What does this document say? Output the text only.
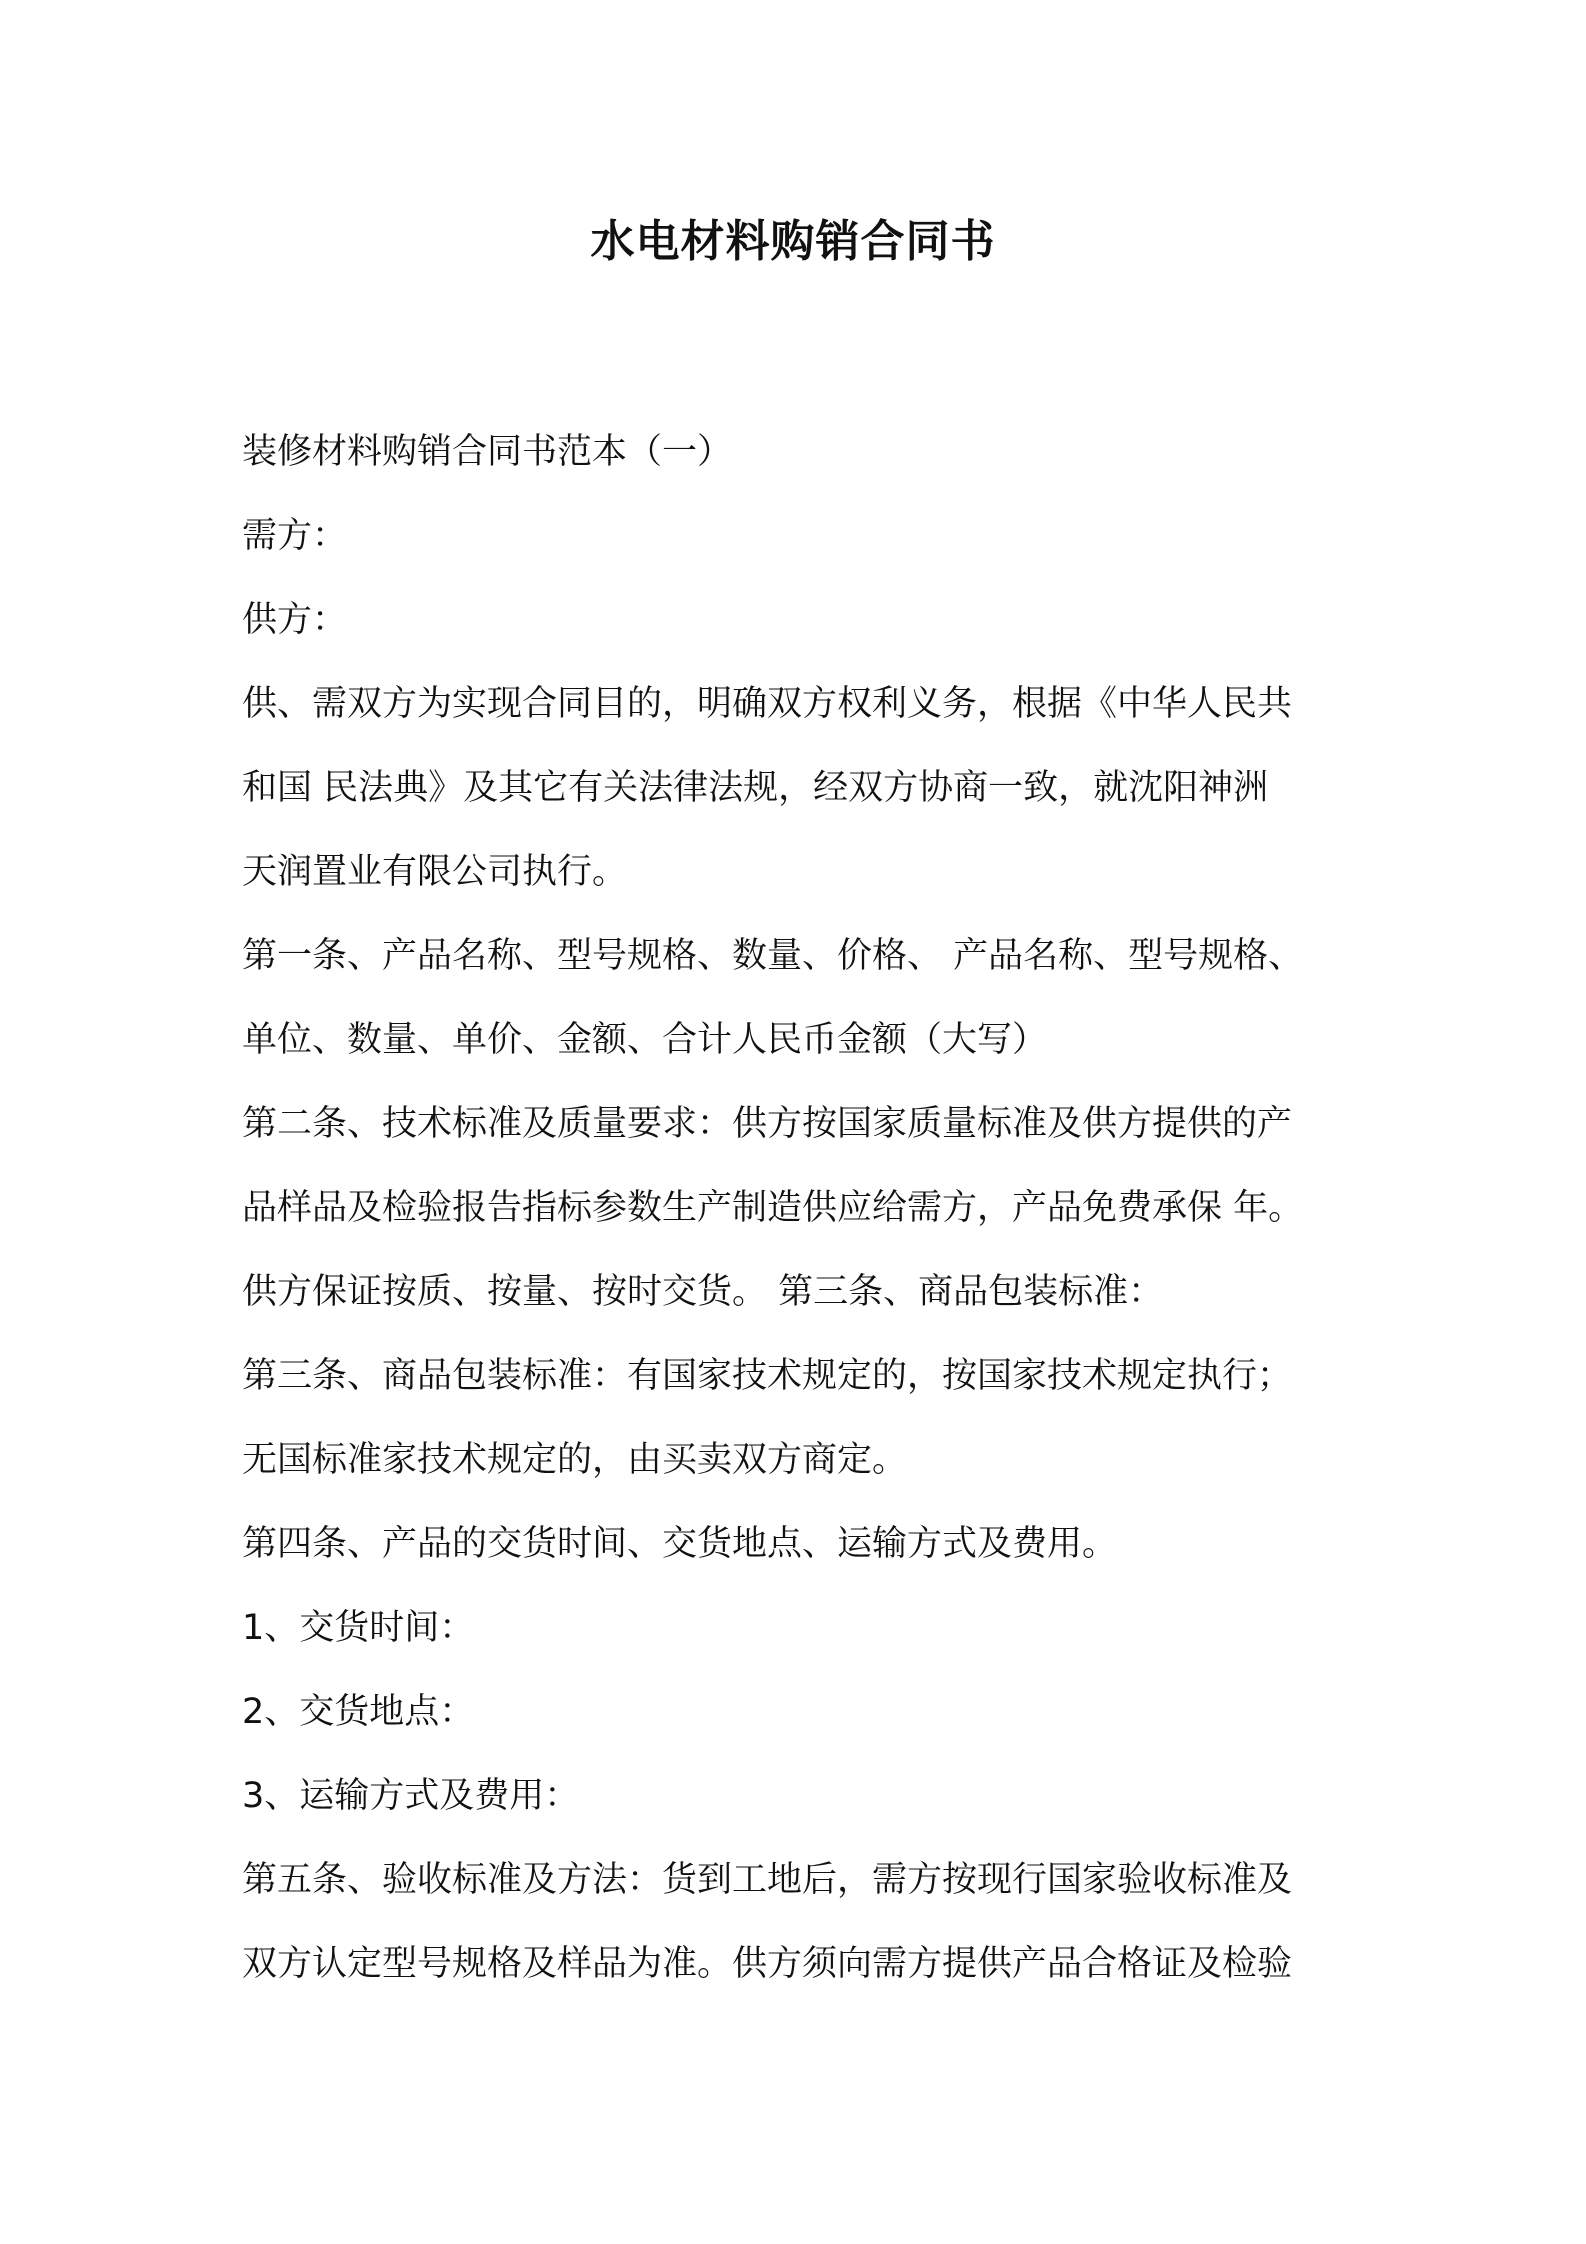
水电材料购销合同书
装修材料购销合同书范本（一）
需方：
供方：
供、需双方为实现合同目的，明确双方权利义务，根据《中华人民共
和国 民法典》及其它有关法律法规，经双方协商一致，就沈阳神洲
天润置业有限公司执行。
第一条、产品名称、型号规格、数量、价格、 产品名称、型号规格、
单位、数量、单价、金额、合计人民币金额（大写）
第二条、技术标准及质量要求：供方按国家质量标准及供方提供的产
品样品及检验报告指标参数生产制造供应给需方，产品免费承保 年。
供方保证按质、按量、按时交货。 第三条、商品包装标准：
第三条、商品包装标准：有国家技术规定的，按国家技术规定执行；
无国标准家技术规定的，由买卖双方商定。
第四条、产品的交货时间、交货地点、运输方式及费用。
1、交货时间：
2、交货地点：
3、运输方式及费用：
第五条、验收标准及方法：货到工地后，需方按现行国家验收标准及
双方认定型号规格及样品为准。供方须向需方提供产品合格证及检验
